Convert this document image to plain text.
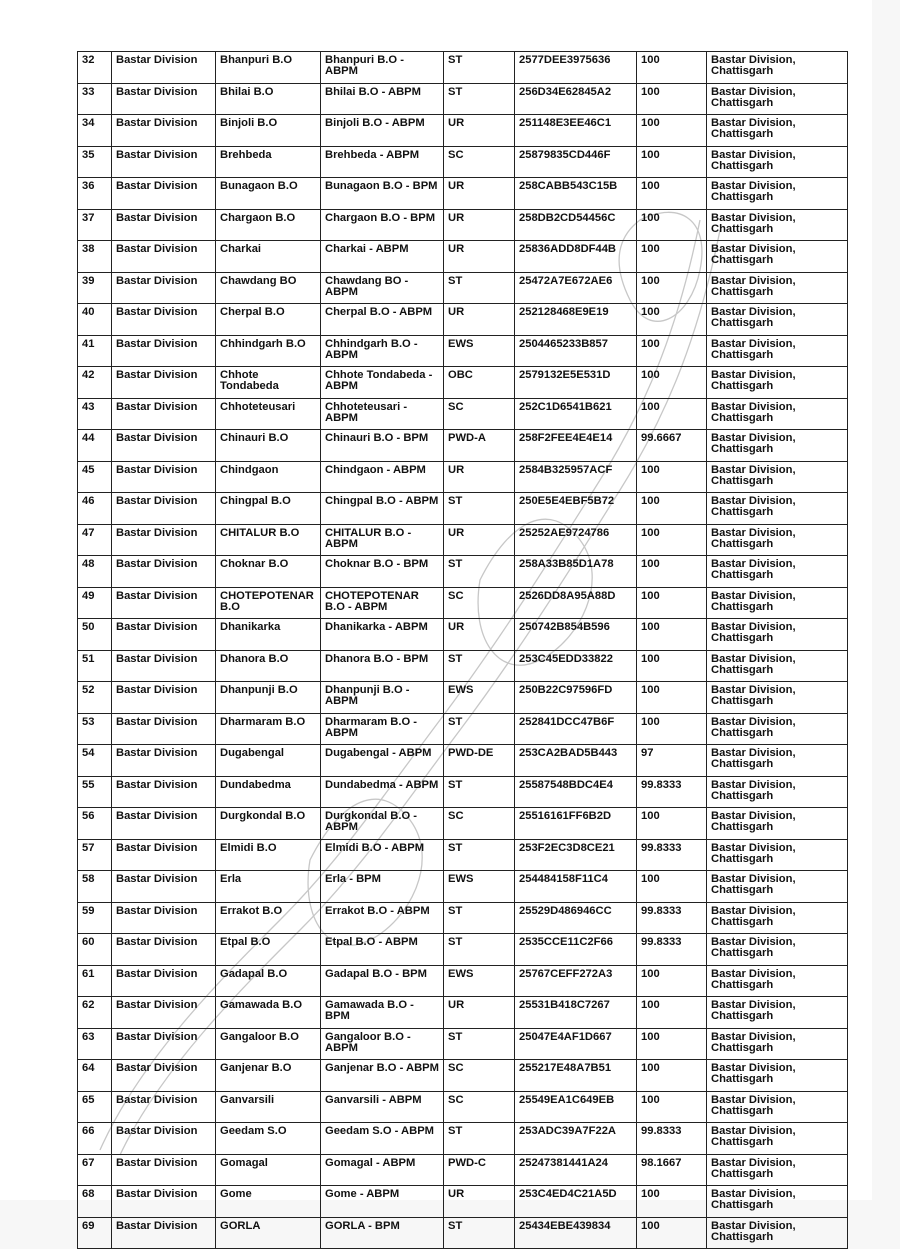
32	Bastar Division	Bhanpuri B.O	Bhanpuri B.O - ABPM	ST	2577DEE3975636	100	Bastar Division, Chattisgarh
33	Bastar Division	Bhilai B.O	Bhilai B.O - ABPM	ST	256D34E62845A2	100	Bastar Division, Chattisgarh
34	Bastar Division	Binjoli B.O	Binjoli B.O - ABPM	UR	251148E3EE46C1	100	Bastar Division, Chattisgarh
35	Bastar Division	Brehbeda	Brehbeda - ABPM	SC	25879835CD446F	100	Bastar Division, Chattisgarh
36	Bastar Division	Bunagaon B.O	Bunagaon B.O - BPM	UR	258CABB543C15B	100	Bastar Division, Chattisgarh
37	Bastar Division	Chargaon B.O	Chargaon B.O - BPM	UR	258DB2CD54456C	100	Bastar Division, Chattisgarh
38	Bastar Division	Charkai	Charkai - ABPM	UR	25836ADD8DF44B	100	Bastar Division, Chattisgarh
39	Bastar Division	Chawdang BO	Chawdang BO - ABPM	ST	25472A7E672AE6	100	Bastar Division, Chattisgarh
40	Bastar Division	Cherpal B.O	Cherpal B.O - ABPM	UR	252128468E9E19	100	Bastar Division, Chattisgarh
41	Bastar Division	Chhindgarh B.O	Chhindgarh B.O - ABPM	EWS	2504465233B857	100	Bastar Division, Chattisgarh
42	Bastar Division	Chhote Tondabeda	Chhote Tondabeda - ABPM	OBC	2579132E5E531D	100	Bastar Division, Chattisgarh
43	Bastar Division	Chhoteteusari	Chhoteteusari - ABPM	SC	252C1D6541B621	100	Bastar Division, Chattisgarh
44	Bastar Division	Chinauri B.O	Chinauri B.O - BPM	PWD-A	258F2FEE4E4E14	99.6667	Bastar Division, Chattisgarh
45	Bastar Division	Chindgaon	Chindgaon - ABPM	UR	2584B325957ACF	100	Bastar Division, Chattisgarh
46	Bastar Division	Chingpal B.O	Chingpal B.O - ABPM	ST	250E5E4EBF5B72	100	Bastar Division, Chattisgarh
47	Bastar Division	CHITALUR B.O	CHITALUR B.O - ABPM	UR	25252AE9724786	100	Bastar Division, Chattisgarh
48	Bastar Division	Choknar B.O	Choknar B.O - BPM	ST	258A33B85D1A78	100	Bastar Division, Chattisgarh
49	Bastar Division	CHOTEPOTENAR B.O	CHOTEPOTENAR B.O - ABPM	SC	2526DD8A95A88D	100	Bastar Division, Chattisgarh
50	Bastar Division	Dhanikarka	Dhanikarka - ABPM	UR	250742B854B596	100	Bastar Division, Chattisgarh
51	Bastar Division	Dhanora B.O	Dhanora B.O - BPM	ST	253C45EDD33822	100	Bastar Division, Chattisgarh
52	Bastar Division	Dhanpunji B.O	Dhanpunji B.O - ABPM	EWS	250B22C97596FD	100	Bastar Division, Chattisgarh
53	Bastar Division	Dharmaram B.O	Dharmaram B.O - ABPM	ST	252841DCC47B6F	100	Bastar Division, Chattisgarh
54	Bastar Division	Dugabengal	Dugabengal - ABPM	PWD-DE	253CA2BAD5B443	97	Bastar Division, Chattisgarh
55	Bastar Division	Dundabedma	Dundabedma - ABPM	ST	25587548BDC4E4	99.8333	Bastar Division, Chattisgarh
56	Bastar Division	Durgkondal B.O	Durgkondal B.O - ABPM	SC	25516161FF6B2D	100	Bastar Division, Chattisgarh
57	Bastar Division	Elmidi B.O	Elmidi B.O - ABPM	ST	253F2EC3D8CE21	99.8333	Bastar Division, Chattisgarh
58	Bastar Division	Erla	Erla - BPM	EWS	254484158F11C4	100	Bastar Division, Chattisgarh
59	Bastar Division	Errakot B.O	Errakot B.O - ABPM	ST	25529D486946CC	99.8333	Bastar Division, Chattisgarh
60	Bastar Division	Etpal B.O	Etpal B.O - ABPM	ST	2535CCE11C2F66	99.8333	Bastar Division, Chattisgarh
61	Bastar Division	Gadapal B.O	Gadapal B.O - BPM	EWS	25767CEFF272A3	100	Bastar Division, Chattisgarh
62	Bastar Division	Gamawada B.O	Gamawada B.O - BPM	UR	25531B418C7267	100	Bastar Division, Chattisgarh
63	Bastar Division	Gangaloor B.O	Gangaloor B.O - ABPM	ST	25047E4AF1D667	100	Bastar Division, Chattisgarh
64	Bastar Division	Ganjenar B.O	Ganjenar B.O - ABPM	SC	255217E48A7B51	100	Bastar Division, Chattisgarh
65	Bastar Division	Ganvarsili	Ganvarsili - ABPM	SC	25549EA1C649EB	100	Bastar Division, Chattisgarh
66	Bastar Division	Geedam S.O	Geedam S.O - ABPM	ST	253ADC39A7F22A	99.8333	Bastar Division, Chattisgarh
67	Bastar Division	Gomagal	Gomagal - ABPM	PWD-C	25247381441A24	98.1667	Bastar Division, Chattisgarh
68	Bastar Division	Gome	Gome - ABPM	UR	253C4ED4C21A5D	100	Bastar Division, Chattisgarh
69	Bastar Division	GORLA	GORLA - BPM	ST	25434EBE439834	100	Bastar Division, Chattisgarh
